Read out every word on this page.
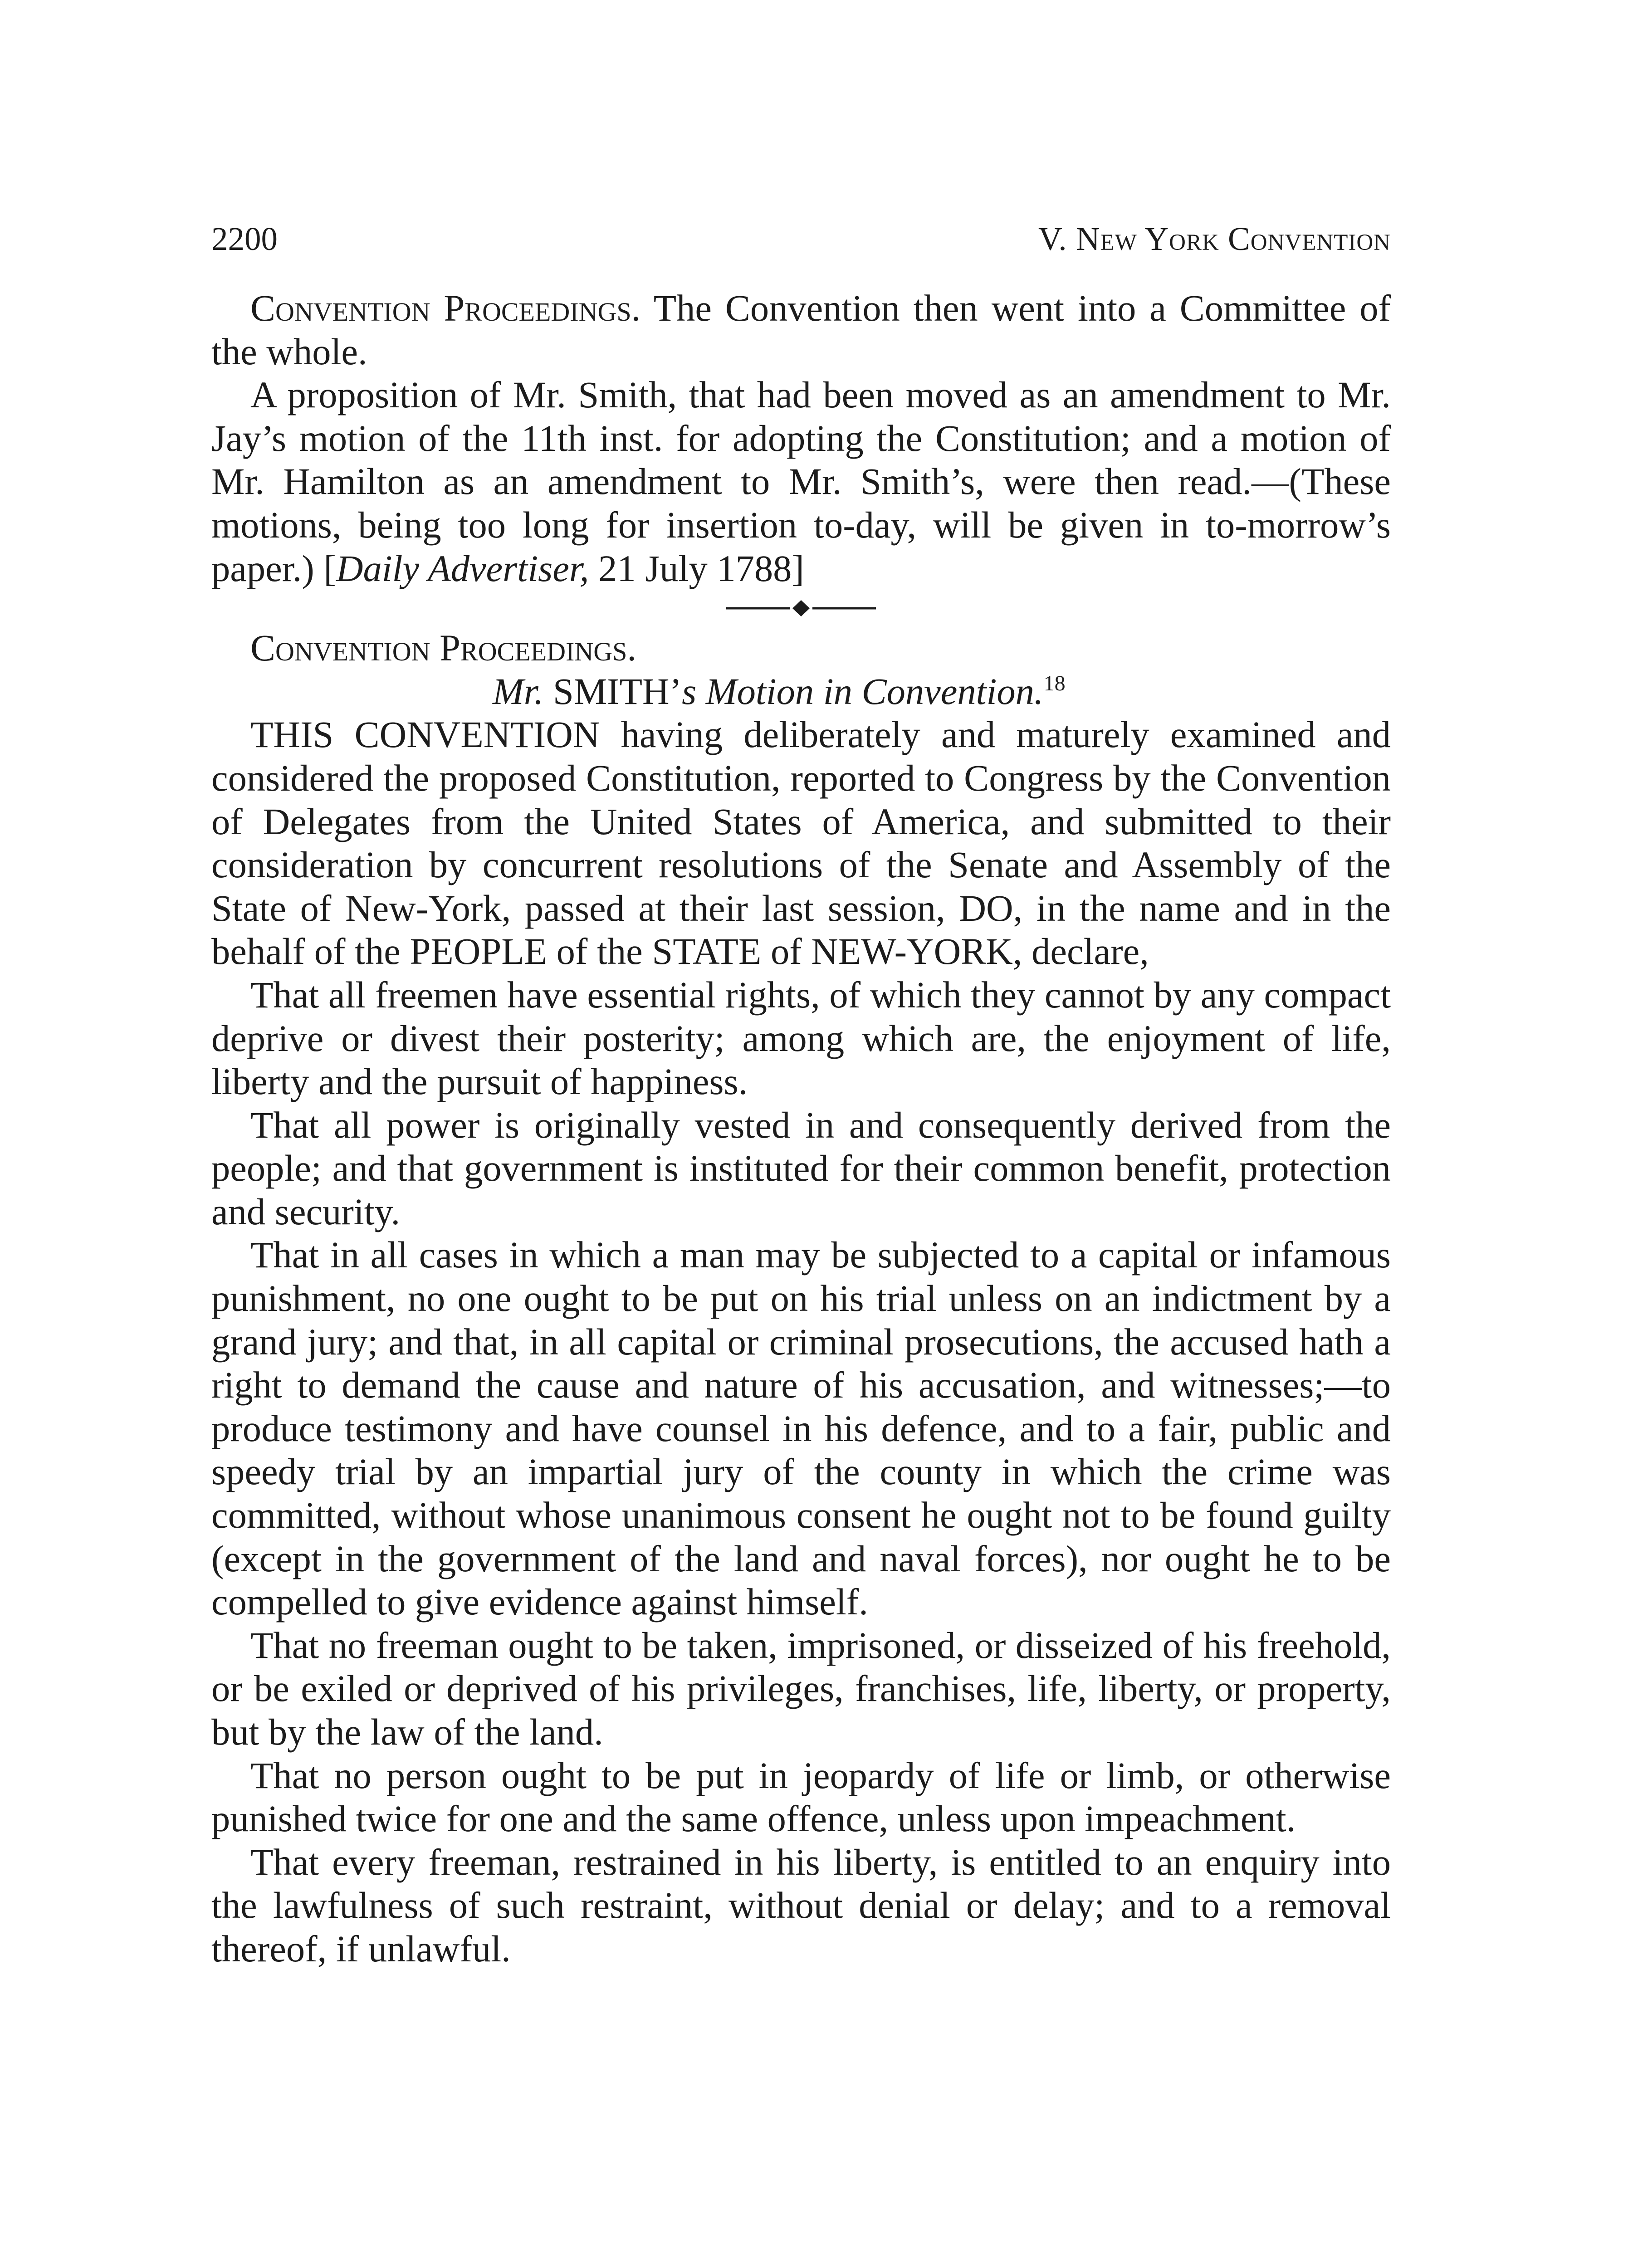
2200	V. New York Convention

Convention Proceedings. The Convention then went into a Committee of the whole.

A proposition of Mr. Smith, that had been moved as an amendment to Mr. Jay’s motion of the 11th inst. for adopting the Constitution; and a motion of Mr. Hamilton as an amendment to Mr. Smith’s, were then read.—(These motions, being too long for insertion to-day, will be given in to-morrow’s paper.) [Daily Advertiser, 21 July 1788]

Convention Proceedings.

Mr. SMITH’s Motion in Convention.$^{18}$

THIS CONVENTION having deliberately and maturely examined and considered the proposed Constitution, reported to Congress by the Convention of Delegates from the United States of America, and submitted to their consideration by concurrent resolutions of the Senate and Assembly of the State of New-York, passed at their last session, DO, in the name and in the behalf of the PEOPLE of the STATE of NEW-YORK, declare,

That all freemen have essential rights, of which they cannot by any compact deprive or divest their posterity; among which are, the enjoyment of life, liberty and the pursuit of happiness.

That all power is originally vested in and consequently derived from the people; and that government is instituted for their common benefit, protection and security.

That in all cases in which a man may be subjected to a capital or infamous punishment, no one ought to be put on his trial unless on an indictment by a grand jury; and that, in all capital or criminal prosecutions, the accused hath a right to demand the cause and nature of his accusation, and witnesses;—to produce testimony and have counsel in his defence, and to a fair, public and speedy trial by an impartial jury of the county in which the crime was committed, without whose unanimous consent he ought not to be found guilty (except in the government of the land and naval forces), nor ought he to be compelled to give evidence against himself.

That no freeman ought to be taken, imprisoned, or disseized of his freehold, or be exiled or deprived of his privileges, franchises, life, liberty, or property, but by the law of the land.

That no person ought to be put in jeopardy of life or limb, or otherwise punished twice for one and the same offence, unless upon impeachment.

That every freeman, restrained in his liberty, is entitled to an enquiry into the lawfulness of such restraint, without denial or delay; and to a removal thereof, if unlawful.
